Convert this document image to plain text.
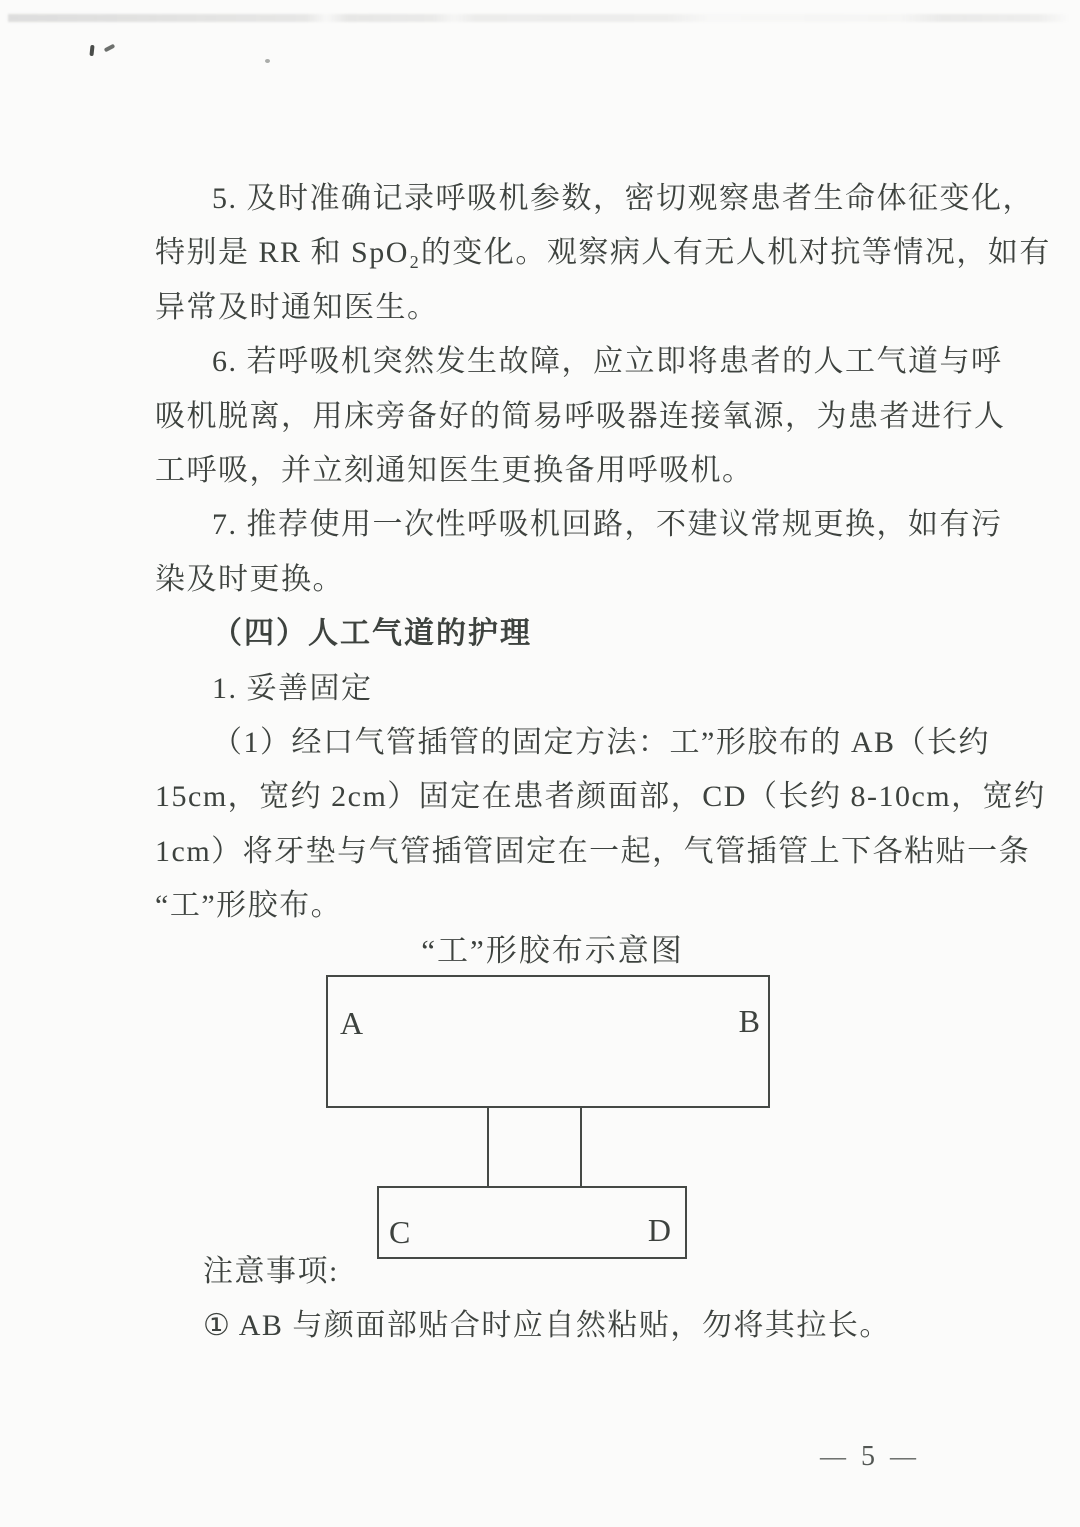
5. 及时准确记录呼吸机参数，密切观察患者生命体征变化，
特别是 RR 和 SpO₂的变化。观察病人有无人机对抗等情况，如有
异常及时通知医生。
6. 若呼吸机突然发生故障，应立即将患者的人工气道与呼
吸机脱离，用床旁备好的简易呼吸器连接氧源，为患者进行人
工呼吸，并立刻通知医生更换备用呼吸机。
7. 推荐使用一次性呼吸机回路，不建议常规更换，如有污
染及时更换。
（四）人工气道的护理
1. 妥善固定
（1）经口气管插管的固定方法：工”形胶布的 AB（长约
15cm，宽约 2cm）固定在患者颜面部，CD（长约 8-10cm，宽约
1cm）将牙垫与气管插管固定在一起，气管插管上下各粘贴一条
“工”形胶布。
“工”形胶布示意图
A	B
C	D
注意事项:
① AB 与颜面部贴合时应自然粘贴，勿将其拉长。
— 5 —
